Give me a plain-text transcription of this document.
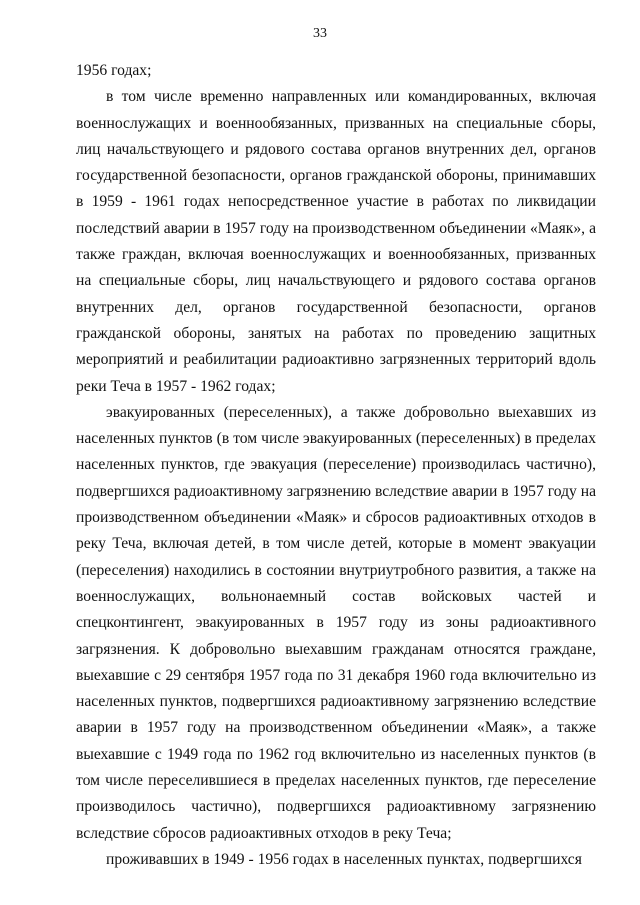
33

1956 годах;

в том числе временно направленных или командированных, включая военнослужащих и военнообязанных, призванных на специальные сборы, лиц начальствующего и рядового состава органов внутренних дел, органов государственной безопасности, органов гражданской обороны, принимавших в 1959 - 1961 годах непосредственное участие в работах по ликвидации последствий аварии в 1957 году на производственном объединении «Маяк», а также граждан, включая военнослужащих и военнообязанных, призванных на специальные сборы, лиц начальствующего и рядового состава органов внутренних дел, органов государственной безопасности, органов гражданской обороны, занятых на работах по проведению защитных мероприятий и реабилитации радиоактивно загрязненных территорий вдоль реки Теча в 1957 - 1962 годах;

эвакуированных (переселенных), а также добровольно выехавших из населенных пунктов (в том числе эвакуированных (переселенных) в пределах населенных пунктов, где эвакуация (переселение) производилась частично), подвергшихся радиоактивному загрязнению вследствие аварии в 1957 году на производственном объединении «Маяк» и сбросов радиоактивных отходов в реку Теча, включая детей, в том числе детей, которые в момент эвакуации (переселения) находились в состоянии внутриутробного развития, а также на военнослужащих, вольнонаемный состав войсковых частей и спецконтингент, эвакуированных в 1957 году из зоны радиоактивного загрязнения. К добровольно выехавшим гражданам относятся граждане, выехавшие с 29 сентября 1957 года по 31 декабря 1960 года включительно из населенных пунктов, подвергшихся радиоактивному загрязнению вследствие аварии в 1957 году на производственном объединении «Маяк», а также выехавшие с 1949 года по 1962 год включительно из населенных пунктов (в том числе переселившиеся в пределах населенных пунктов, где переселение производилось частично), подвергшихся радиоактивному загрязнению вследствие сбросов радиоактивных отходов в реку Теча;

проживавших в 1949 - 1956 годах в населенных пунктах, подвергшихся
